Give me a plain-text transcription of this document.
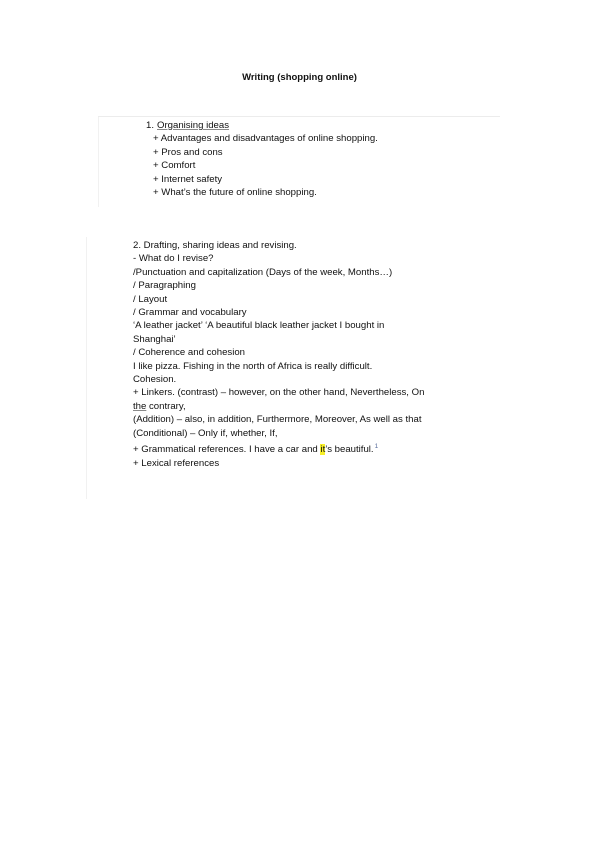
Writing (shopping online)
1. Organising ideas
+ Advantages and disadvantages of online shopping.
+ Pros and cons
+ Comfort
+ Internet safety
+ What’s the future of online shopping.
2. Drafting, sharing ideas and revising.
- What do I revise?
/Punctuation and capitalization (Days of the week, Months…)
/ Paragraphing
/ Layout
/ Grammar and vocabulary
‘A leather jacket’ ‘A beautiful black leather jacket I bought in
Shanghai’
/ Coherence and cohesion
I like pizza. Fishing in the north of Africa is really difficult.
Cohesion.
+ Linkers. (contrast) – however, on the other hand, Nevertheless, On
the contrary,
(Addition) – also, in addition, Furthermore, Moreover, As well as that
(Conditional) – Only if, whether, If,
+ Grammatical references. I have a car and it’s beautiful.$^1$
+ Lexical references
